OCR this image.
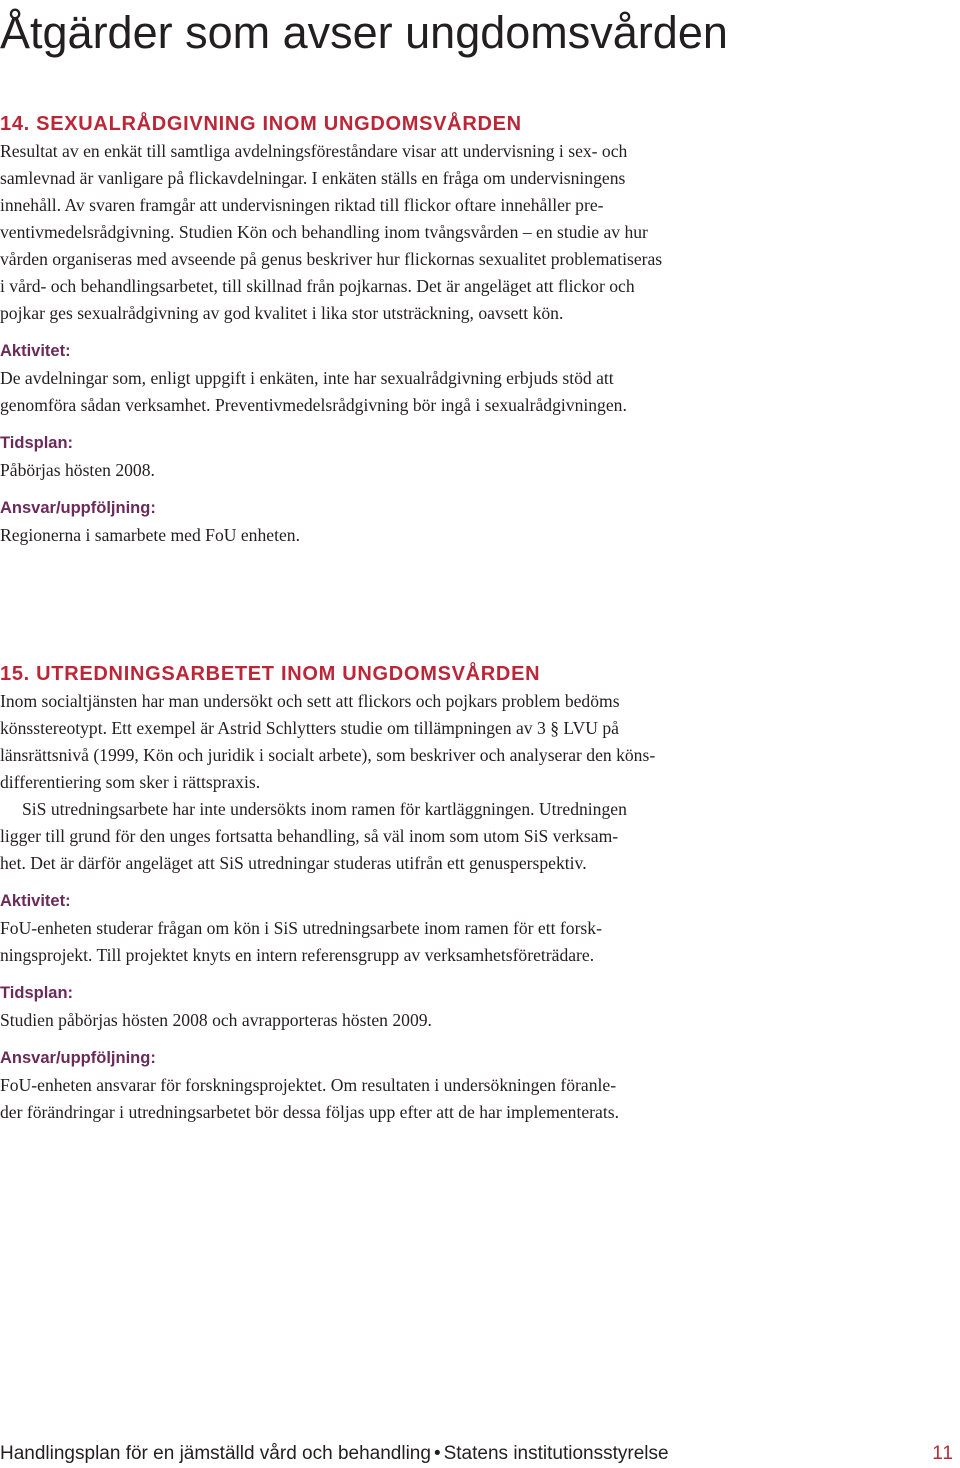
Åtgärder som avser ungdomsvården
14. SEXUALRÅDGIVNING INOM UNGDOMSVÅRDEN

Resultat av en enkät till samtliga avdelningsföreståndare visar att undervisning i sex- och
samlevnad är vanligare på flickavdelningar. I enkäten ställs en fråga om undervisningens
innehåll. Av svaren framgår att undervisningen riktad till flickor oftare innehåller pre-
ventivmedelsrådgivning. Studien Kön och behandling inom tvångsvården – en studie av hur
vården organiseras med avseende på genus beskriver hur flickornas sexualitet problematiseras
i vård- och behandlingsarbetet, till skillnad från pojkarnas. Det är angeläget att flickor och
pojkar ges sexualrådgivning av god kvalitet i lika stor utsträckning, oavsett kön.

Aktivitet:

De avdelningar som, enligt uppgift i enkäten, inte har sexualrådgivning erbjuds stöd att
genomföra sådan verksamhet. Preventivmedelsrådgivning bör ingå i sexualrådgivningen.

Tidsplan:

Påbörjas hösten 2008.

Ansvar/uppföljning:

Regionerna i samarbete med FoU enheten.

15. UTREDNINGSARBETET INOM UNGDOMSVÅRDEN

Inom socialtjänsten har man undersökt och sett att flickors och pojkars problem bedöms
könsstereotypt. Ett exempel är Astrid Schlytters studie om tillämpningen av 3 § LVU på
länsrättsnivå (1999, Kön och juridik i socialt arbete), som beskriver och analyserar den köns-
differentiering som sker i rättspraxis.

SiS utredningsarbete har inte undersökts inom ramen för kartläggningen. Utredningen
ligger till grund för den unges fortsatta behandling, så väl inom som utom SiS verksam-
het. Det är därför angeläget att SiS utredningar studeras utifrån ett genusperspektiv.

Aktivitet:

FoU-enheten studerar frågan om kön i SiS utredningsarbete inom ramen för ett forsk-
ningsprojekt. Till projektet knyts en intern referensgrupp av verksamhetsföreträdare.

Tidsplan:

Studien påbörjas hösten 2008 och avrapporteras hösten 2009.

Ansvar/uppföljning:

FoU-enheten ansvarar för forskningsprojektet. Om resultaten i undersökningen föranle-
der förändringar i utredningsarbetet bör dessa följas upp efter att de har implementerats.

Handlingsplan för en jämställd vård och behandling • Statens institutionsstyrelse	11
